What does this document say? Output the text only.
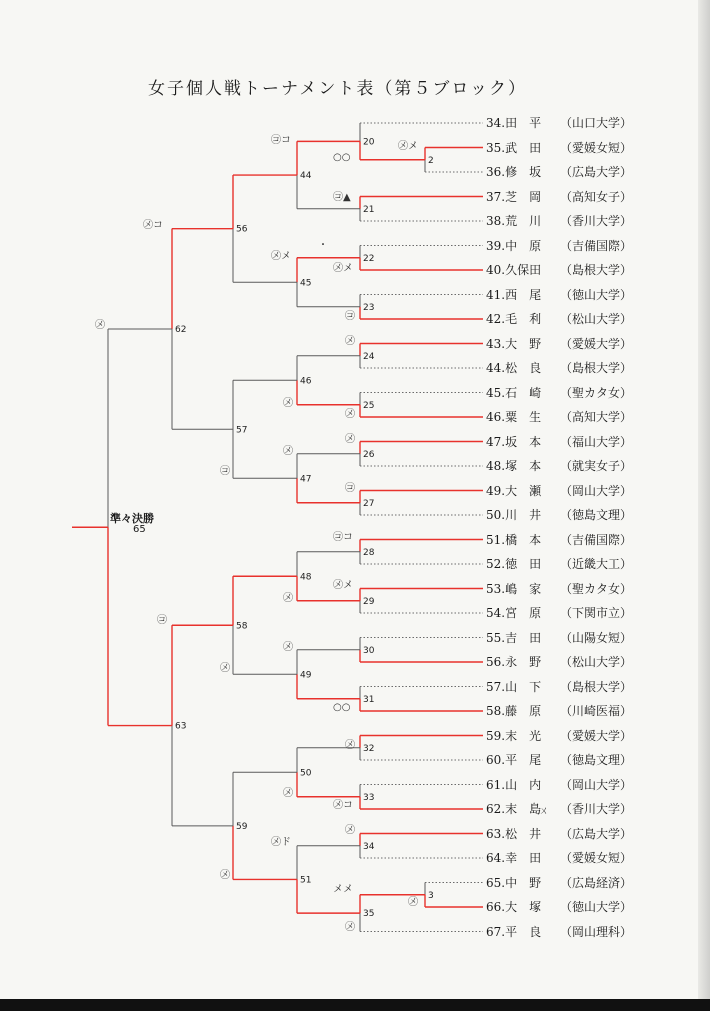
女子個人戦トーナメント表（第５ブロック）
2
20
21
44
22
23
45
56
24
25
46
26
27
47
57
62
28
29
48
30
31
49
58
32
33
50
34
3
35
51
59
63
34.田　平 （山口大学）
35.武　田 （愛媛女短）
36.修　坂 （広島大学）
37.芝　岡 （高知女子）
38.荒　川 （香川大学）
39.中　原 （吉備国際）
40.久保田 （島根大学）
41.西　尾 （徳山大学）
42.毛　利 （松山大学）
43.大　野 （愛媛大学）
44.松　良 （島根大学）
45.石　崎 （聖カタ女）
46.粟　生 （高知大学）
47.坂　本 （福山大学）
48.塚　本 （就実女子）
49.大　瀬 （岡山大学）
50.川　井 （徳島文理）
51.橋　本 （吉備国際）
52.徳　田 （近畿大工）
53.嶋　家 （聖カタ女）
54.宮　原 （下関市立）
55.吉　田 （山陽女短）
56.永　野 （松山大学）
57.山　下 （島根大学）
58.藤　原 （川崎医福）
59.末　光 （愛媛大学）
60.平　尾 （徳島文理）
61.山　内 （岡山大学）
62.末　島 （香川大学）
63.松　井 （広島大学）
64.幸　田 （愛媛女短）
65.中　野 （広島経済）
66.大　塚 （徳山大学）
67.平　良 （岡山理科）
準々決勝
65
㋙コ
㋱メ
○○
㋙▲
㋱コ
㋱メ
㋱メ
㋙
・
㋱
㋱
㋱
㋱
㋱
㋱
㋙
㋙
㋙コ
㋙
㋱メ
㋱
㋱
㋱
○○
㋱
㋱
㋱コ
㋱ド
㋱
㋱
メメ
㋱
㋱
ㄨ
